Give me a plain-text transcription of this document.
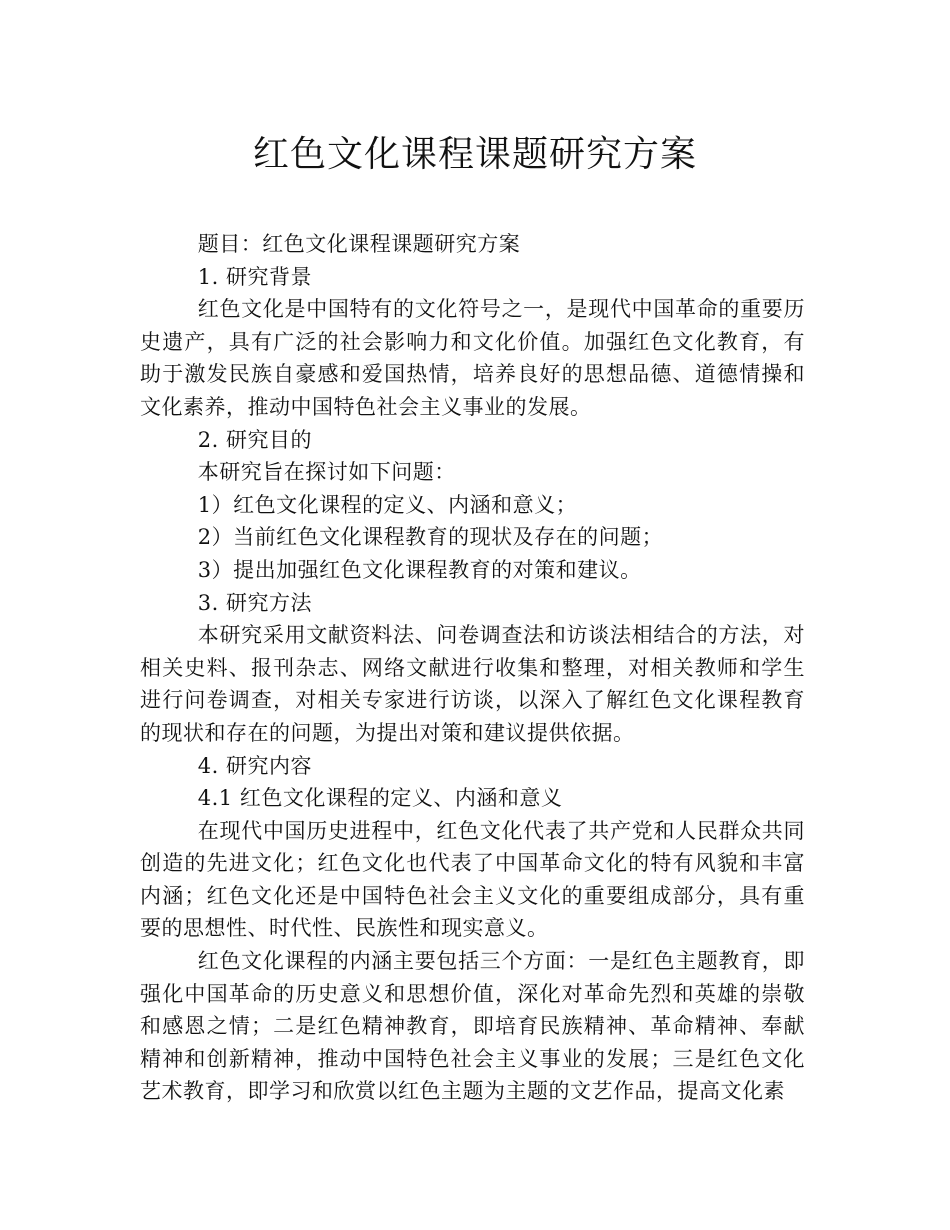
红色文化课程课题研究方案

题目：红色文化课程课题研究方案

1. 研究背景

红色文化是中国特有的文化符号之一，是现代中国革命的重要历史遗产，具有广泛的社会影响力和文化价值。加强红色文化教育，有助于激发民族自豪感和爱国热情，培养良好的思想品德、道德情操和文化素养，推动中国特色社会主义事业的发展。

2. 研究目的

本研究旨在探讨如下问题：

1）红色文化课程的定义、内涵和意义；

2）当前红色文化课程教育的现状及存在的问题；

3）提出加强红色文化课程教育的对策和建议。

3. 研究方法

本研究采用文献资料法、问卷调查法和访谈法相结合的方法，对相关史料、报刊杂志、网络文献进行收集和整理，对相关教师和学生进行问卷调查，对相关专家进行访谈，以深入了解红色文化课程教育的现状和存在的问题，为提出对策和建议提供依据。

4. 研究内容

4.1 红色文化课程的定义、内涵和意义

在现代中国历史进程中，红色文化代表了共产党和人民群众共同创造的先进文化；红色文化也代表了中国革命文化的特有风貌和丰富内涵；红色文化还是中国特色社会主义文化的重要组成部分，具有重要的思想性、时代性、民族性和现实意义。

红色文化课程的内涵主要包括三个方面：一是红色主题教育，即强化中国革命的历史意义和思想价值，深化对革命先烈和英雄的崇敬和感恩之情；二是红色精神教育，即培育民族精神、革命精神、奉献精神和创新精神，推动中国特色社会主义事业的发展；三是红色文化艺术教育，即学习和欣赏以红色主题为主题的文艺作品，提高文化素
